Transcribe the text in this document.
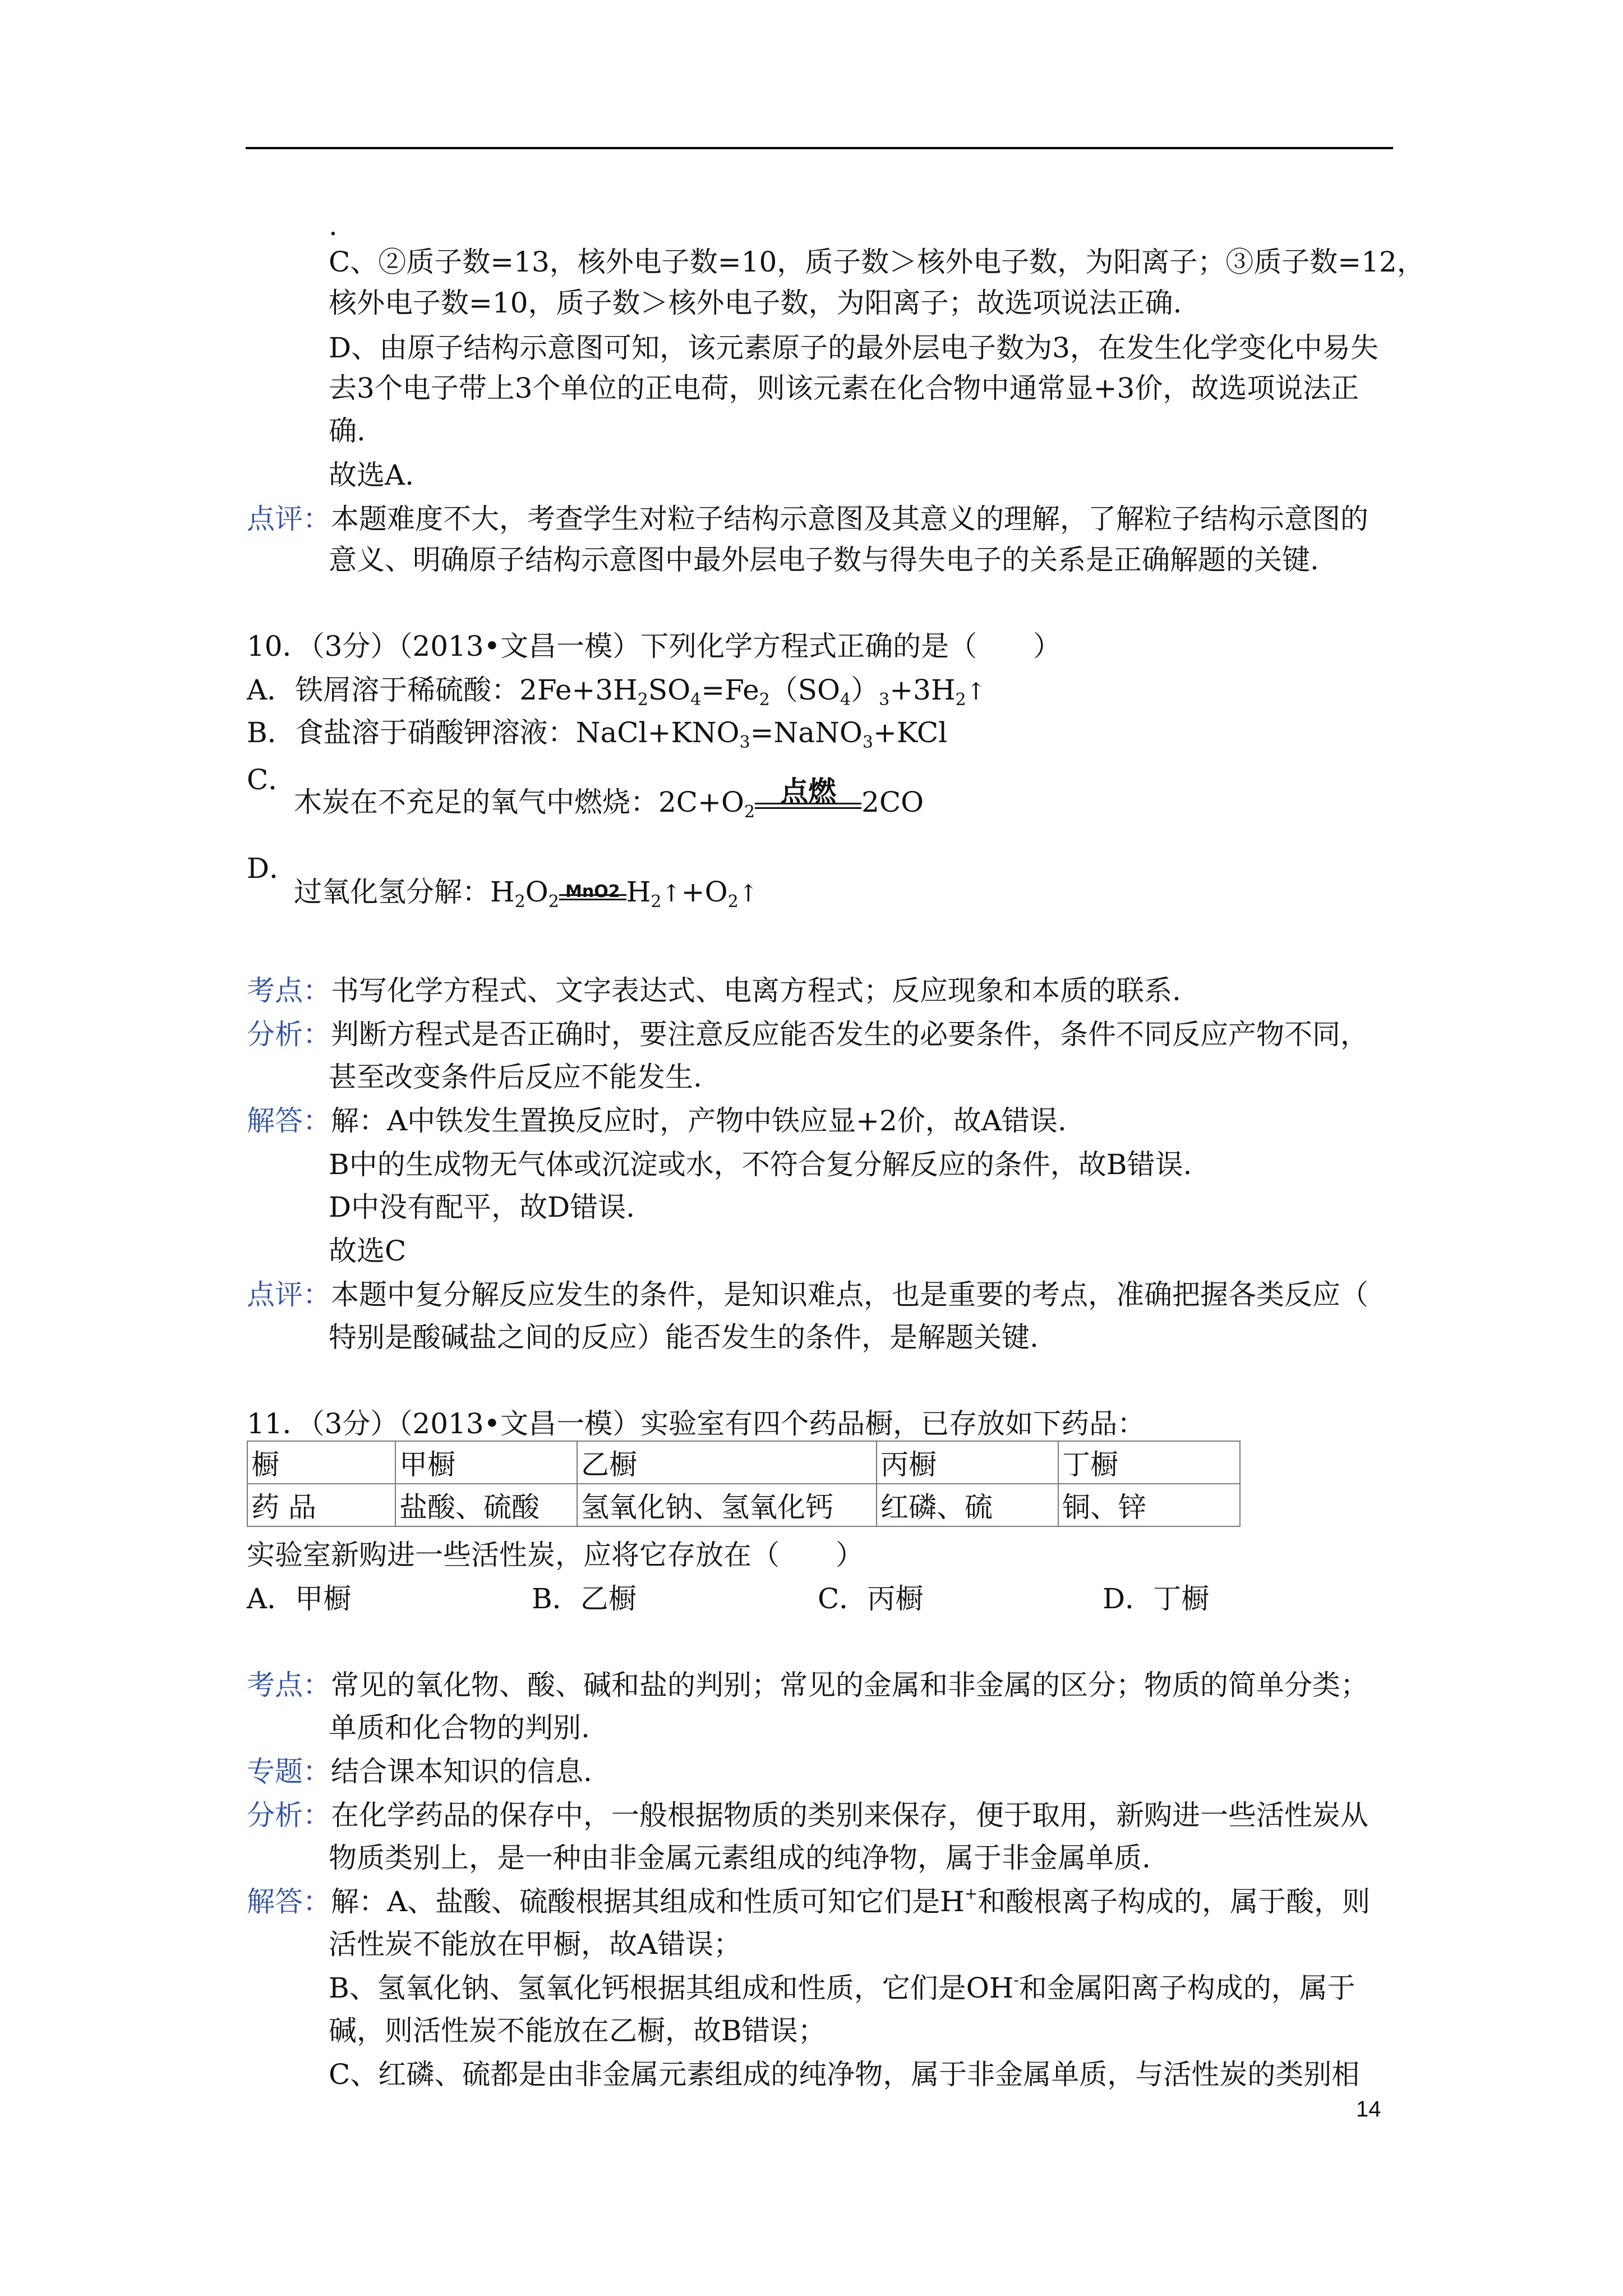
.
C、②质子数=13，核外电子数=10，质子数＞核外电子数，为阳离子；③质子数=12，
核外电子数=10，质子数＞核外电子数，为阳离子；故选项说法正确.
D、由原子结构示意图可知，该元素原子的最外层电子数为3，在发生化学变化中易失
去3个电子带上3个单位的正电荷，则该元素在化合物中通常显+3价，故选项说法正
确.
故选A.
点评：本题难度不大，考查学生对粒子结构示意图及其意义的理解，了解粒子结构示意图的
意义、明确原子结构示意图中最外层电子数与得失电子的关系是正确解题的关键.
10．（3分）（2013•文昌一模）下列化学方程式正确的是（　　）
A．铁屑溶于稀硫酸：$2Fe+3H_2SO_4=Fe_2(SO_4)_3+3H_2↑$
B．食盐溶于硝酸钾溶液：$NaCl+KNO_3=NaNO_3+KCl$
C．
木炭在不充足的氧气中燃烧：$2C+O_2$
点燃 2CO
D．
过氧化氢分解：$H_2O_2$
MnO2 $H_2↑+O_2↑$
考点：书写化学方程式、文字表达式、电离方程式；反应现象和本质的联系.
分析：判断方程式是否正确时，要注意反应能否发生的必要条件，条件不同反应产物不同，
甚至改变条件后反应不能发生.
解答：解：A中铁发生置换反应时，产物中铁应显+2价，故A错误.
B中的生成物无气体或沉淀或水，不符合复分解反应的条件，故B错误.
D中没有配平，故D错误.
故选C
点评：本题中复分解反应发生的条件，是知识难点，也是重要的考点，准确把握各类反应（
特别是酸碱盐之间的反应）能否发生的条件，是解题关键.
11．（3分）（2013•文昌一模）实验室有四个药品橱，已存放如下药品：
橱	甲橱	乙橱	丙橱	丁橱
药 品	盐酸、硫酸	氢氧化钠、氢氧化钙	红磷、硫	铜、锌
实验室新购进一些活性炭，应将它存放在（　　）
A．甲橱	B．乙橱	C．丙橱	D．丁橱
考点：常见的氧化物、酸、碱和盐的判别；常见的金属和非金属的区分；物质的简单分类；
单质和化合物的判别.
专题：结合课本知识的信息.
分析：在化学药品的保存中，一般根据物质的类别来保存，便于取用，新购进一些活性炭从
物质类别上，是一种由非金属元素组成的纯净物，属于非金属单质.
解答：解：A、盐酸、硫酸根据其组成和性质可知它们是H+和酸根离子构成的，属于酸，则
活性炭不能放在甲橱，故A错误；
B、氢氧化钠、氢氧化钙根据其组成和性质，它们是OH-和金属阳离子构成的，属于
碱，则活性炭不能放在乙橱，故B错误；
C、红磷、硫都是由非金属元素组成的纯净物，属于非金属单质，与活性炭的类别相
14
